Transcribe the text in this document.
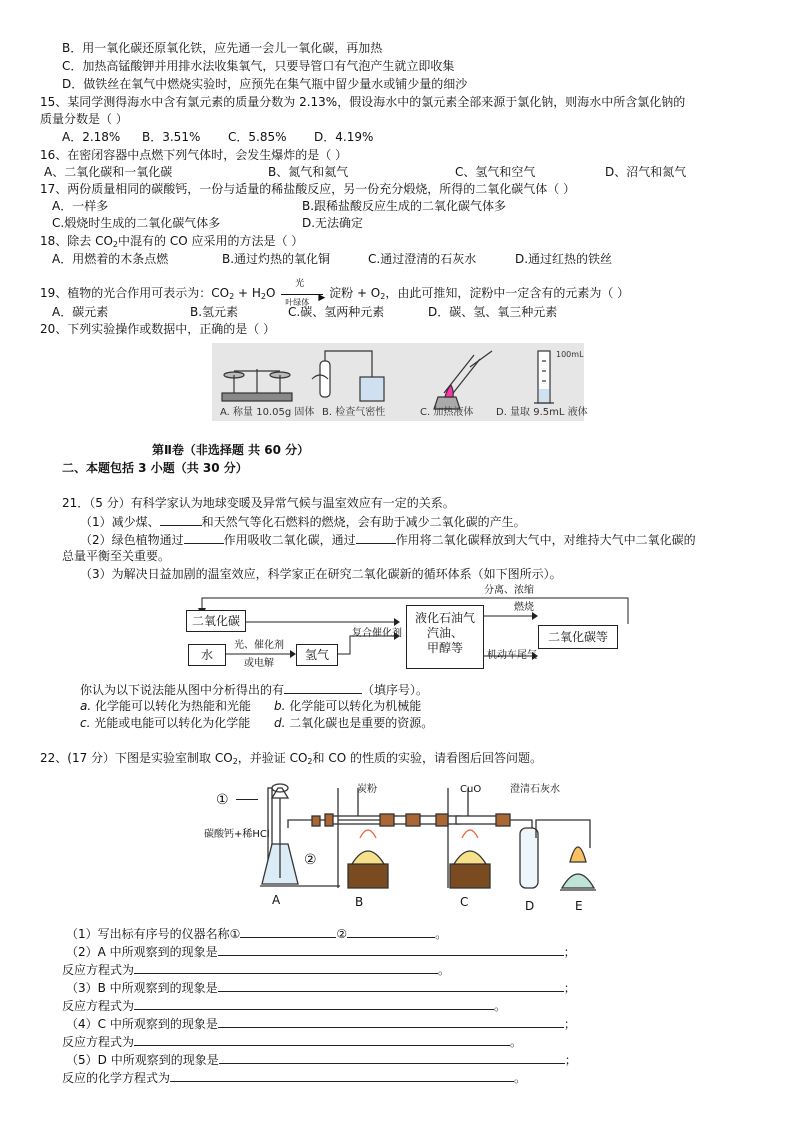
B．用一氧化碳还原氧化铁，应先通一会儿一氧化碳，再加热
C．加热高锰酸钾并用排水法收集氧气，只要导管口有气泡产生就立即收集
D．做铁丝在氧气中燃烧实验时，应预先在集气瓶中留少量水或铺少量的细沙
15、某同学测得海水中含有氯元素的质量分数为 2.13%，假设海水中的氯元素全部来源于氯化钠，则海水中所含氯化钠的
质量分数是（ ）
A．2.18% B．3.51% C．5.85% D．4.19%
16、在密闭容器中点燃下列气体时，会发生爆炸的是（ ）
A、二氧化碳和一氧化碳	B、氮气和氦气	C、氢气和空气	D、沼气和氮气
17、两份质量相同的碳酸钙，一份与适量的稀盐酸反应，另一份充分煅烧，所得的二氧化碳气体（ ）
A．一样多	B.跟稀盐酸反应生成的二氧化碳气体多
C.煅烧时生成的二氧化碳气体多	D.无法确定
18、除去 $CO_2$中混有的 CO 应采用的方法是（ ）
A．用燃着的木条点燃	B.通过灼热的氧化铜	C.通过澄清的石灰水	D.通过红热的铁丝
19、植物的光合作用可表示为：$CO_2 + H_2O$
光
▶
叶绿体
淀粉 + $O_2$，由此可推知，淀粉中一定含有的元素为（ ）
A．碳元素	B.氢元素	C.碳、氢两种元素	D．碳、氢、氧三种元素
20、下列实验操作或数据中，正确的是（ ）
100mL
A. 称量 10.05g 固体 B. 检查气密性	C. 加热液体 D. 量取 9.5mL 液体
第Ⅱ卷（非选择题 共 60 分）
二、本题包括 3 小题（共 30 分）
21．（5 分）有科学家认为地球变暖及异常气候与温室效应有一定的关系。
（1）减少煤、	和天然气等化石燃料的燃烧，会有助于减少二氧化碳的产生。
（2）绿色植物通过	作用吸收二氧化碳，通过	作用将二氧化碳释放到大气中，对维持大气中二氧化碳的
总量平衡至关重要。
（3）为解决日益加剧的温室效应，科学家正在研究二氧化碳新的循环体系（如下图所示）。
二氧化碳
水	氢气
液化石油气
汽油、
甲醇等
二氧化碳等
光、催化剂
或电解
复合催化剂
分离、浓缩
燃烧
机动车尾气
你认为以下说法能从图中分析得出的有	（填序号）。
a. 化学能可以转化为热能和光能 b. 化学能可以转化为机械能
c. 光能或电能可以转化为化学能 d. 二氧化碳也是重要的资源。
22、(17 分）下图是实验室制取 $CO_2$，并验证 $CO_2$和 CO 的性质的实验，请看图后回答问题。
①
碳酸钙+稀HCl
②
炭粉	CuO	澄清石灰水
A	B	C	D	E
（1）写出标有序号的仪器名称①	②	。
（2）A 中所观察到的现象是	；
反应方程式为	。
（3）B 中所观察到的现象是	；
反应方程式为	。
（4）C 中所观察到的现象是	；
反应方程式为	。
（5）D 中所观察到的现象是	；
反应的化学方程式为	。
